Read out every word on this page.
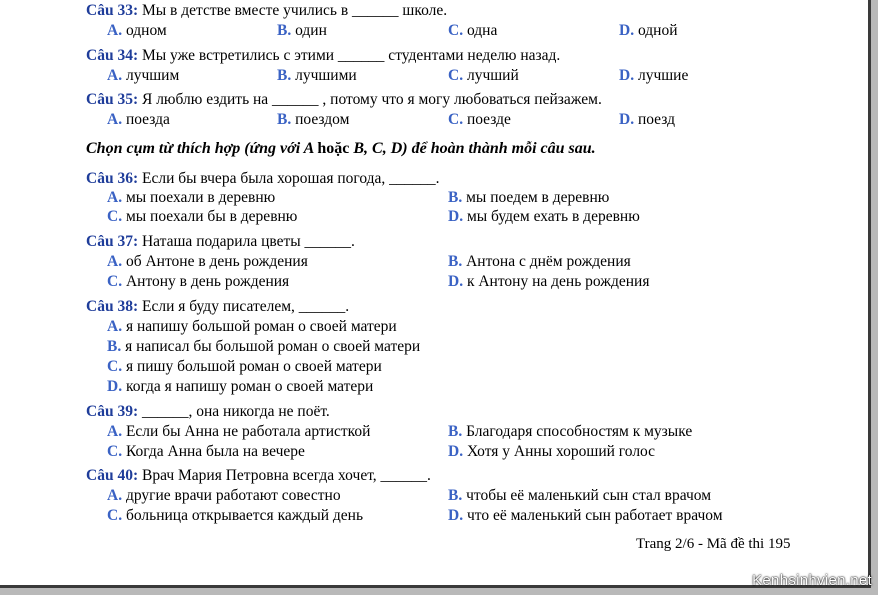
Câu 33: Мы в детстве вместе учились в ______ школе.
A. одном	B. один	C. одна	D. одной
Câu 34: Мы уже встретились с этими ______ студентами неделю назад.
A. лучшим	B. лучшими	C. лучший	D. лучшие
Câu 35: Я люблю ездить на ______ , потому что я могу любоваться пейзажем.
A. поезда	B. поездом	C. поезде	D. поезд
Chọn cụm từ thích hợp (ứng với A hoặc B, C, D) để hoàn thành mỗi câu sau.
Câu 36: Если бы вчера была хорошая погода, ______.
A. мы поехали в деревню	B. мы поедем в деревню
C. мы поехали бы в деревню	D. мы будем ехать в деревню
Câu 37: Наташа подарила цветы ______.
A. об Антоне в день рождения	B. Антона с днём рождения
C. Антону в день рождения	D. к Антону на день рождения
Câu 38: Если я буду писателем, ______.
A. я напишу большой роман о своей матери
B. я написал бы большой роман о своей матери
C. я пишу большой роман о своей матери
D. когда я напишу роман о своей матери
Câu 39: ______, она никогда не поёт.
A. Если бы Анна не работала артисткой	B. Благодаря способностям к музыке
C. Когда Анна была на вечере	D. Хотя у Анны хороший голос
Câu 40: Врач Мария Петровна всегда хочет, ______.
A. другие врачи работают совестно	B. чтобы её маленький сын стал врачом
C. больница открывается каждый день	D. что её маленький сын работает врачом
Trang 2/6 - Mã đề thi 195
Kenhsinhvien.net
